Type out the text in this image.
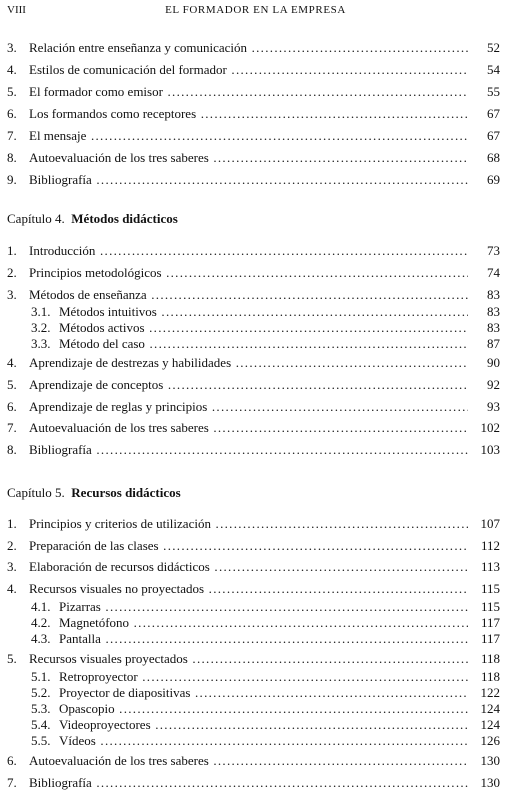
VIII	EL FORMADOR EN LA EMPRESA
3. Relación entre enseñanza y comunicación .....	52
4. Estilos de comunicación del formador .....	54
5. El formador como emisor .....	55
6. Los formandos como receptores .....	67
7. El mensaje .....	67
8. Autoevaluación de los tres saberes .....	68
9. Bibliografía .....	69
Capítulo 4. Métodos didácticos
1. Introducción .....	73
2. Principios metodológicos .....	74
3. Métodos de enseñanza .....	83
3.1. Métodos intuitivos .....	83
3.2. Métodos activos .....	83
3.3. Método del caso .....	87
4. Aprendizaje de destrezas y habilidades .....	90
5. Aprendizaje de conceptos .....	92
6. Aprendizaje de reglas y principios .....	93
7. Autoevaluación de los tres saberes .....	102
8. Bibliografía .....	103
Capítulo 5. Recursos didácticos
1. Principios y criterios de utilización .....	107
2. Preparación de las clases .....	112
3. Elaboración de recursos didácticos .....	113
4. Recursos visuales no proyectados .....	115
4.1. Pizarras .....	115
4.2. Magnetófono .....	117
4.3. Pantalla .....	117
5. Recursos visuales proyectados .....	118
5.1. Retroproyector .....	118
5.2. Proyector de diapositivas .....	122
5.3. Opascopio .....	124
5.4. Videoproyectores .....	124
5.5. Vídeos .....	126
6. Autoevaluación de los tres saberes .....	130
7. Bibliografía .....	130
